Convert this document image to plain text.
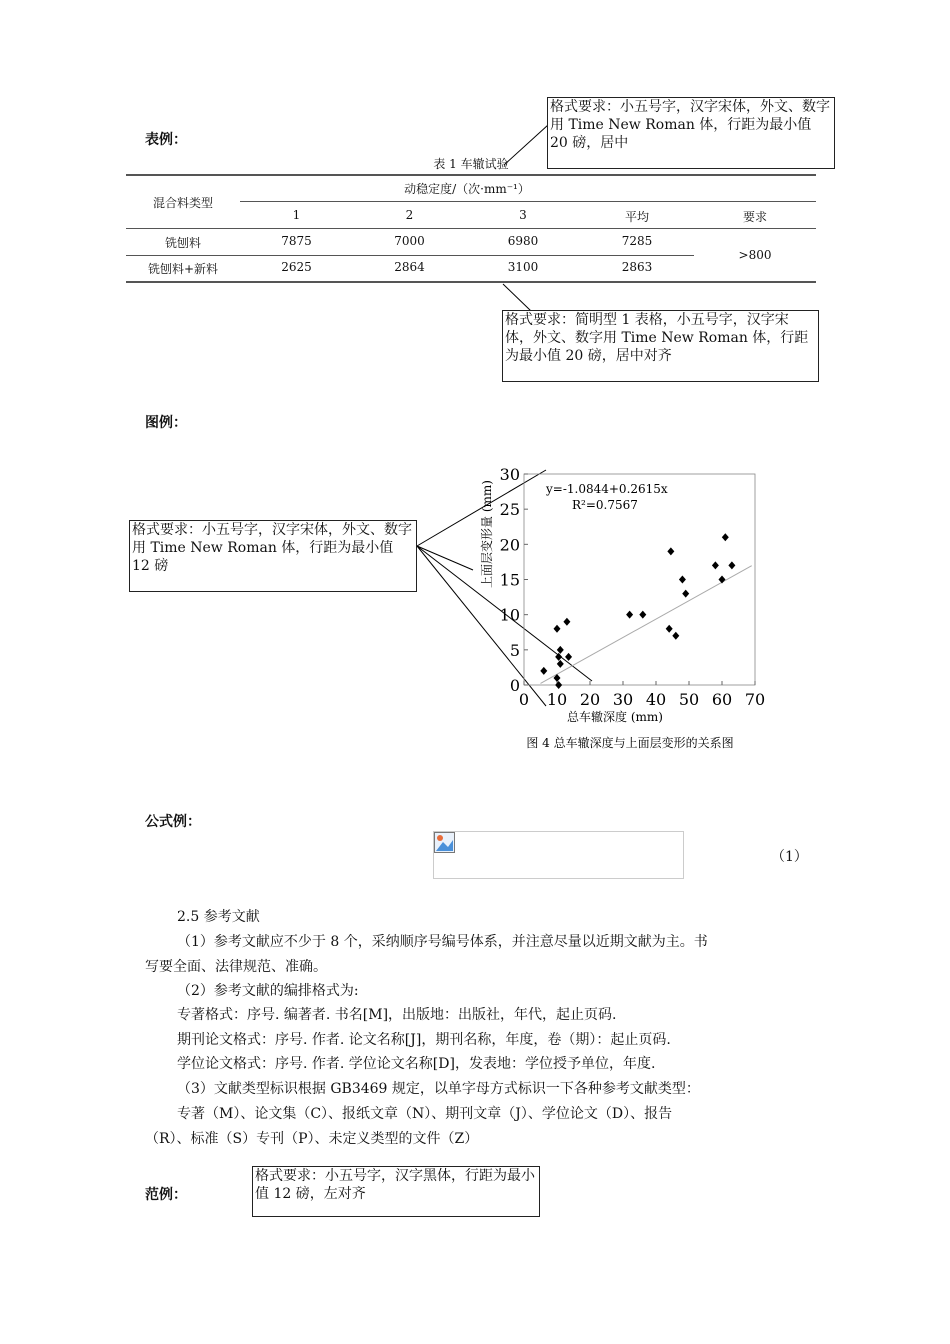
表例：
图例：
公式例：
范例：
格式要求：小五号字，汉字宋体，外文、数字用 Time New Roman 体，行距为最小值 20 磅，居中
格式要求：简明型 1 表格，小五号字，汉字宋体，外文、数字用 Time New Roman 体，行距为最小值 20 磅，居中对齐
格式要求：小五号字，汉字宋体，外文、数字用 Time New Roman 体，行距为最小值 12 磅
格式要求：小五号字，汉字黑体，行距为最小值 12 磅，左对齐
表 1 车辙试验
混合料类型
动稳定度/（次·mm⁻¹）
1	2	3	平均	要求
铣刨料	7875	7000	6980	7285
铣刨料+新料	2625	2864	3100	2863
>800
0 10 20 30 40 50 60 70
0
5
10
15
20
25
30
y=-1.0844+0.2615x
R²=0.7567
总车辙深度 (mm)
上面层变形量 (mm)
图 4 总车辙深度与上面层变形的关系图
（1）

2.5 参考文献

（1）参考文献应不少于 8 个，采纳顺序号编号体系，并注意尽量以近期文献为主。书

写要全面、法律规范、准确。

（2）参考文献的编排格式为:

专著格式：序号. 编著者. 书名[M]，出版地：出版社，年代，起止页码.

期刊论文格式：序号. 作者. 论文名称[J]，期刊名称，年度，卷（期）：起止页码.

学位论文格式：序号. 作者. 学位论文名称[D]，发表地：学位授予单位，年度.

（3）文献类型标识根据 GB3469 规定，以单字母方式标识一下各种参考文献类型：

专著（M）、论文集（C）、报纸文章（N）、期刊文章（J）、学位论文（D）、报告

（R）、标准（S）专刊（P）、未定义类型的文件（Z）
